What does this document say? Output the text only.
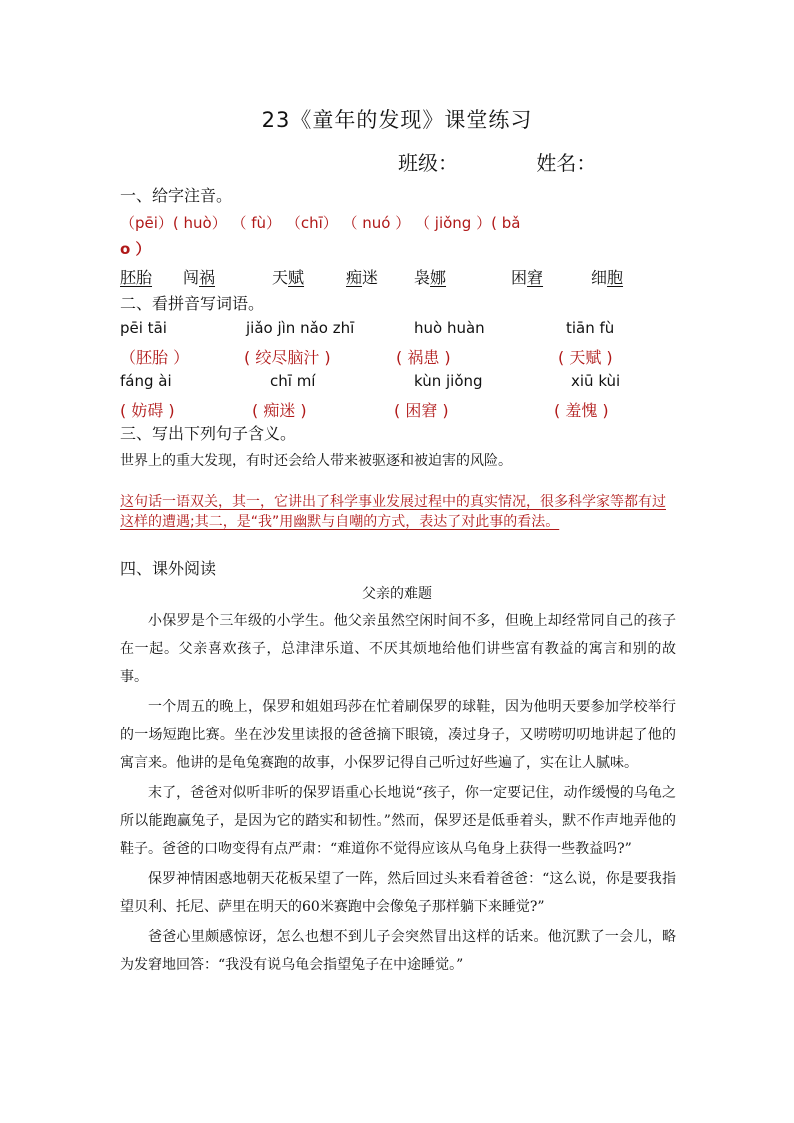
23《童年的发现》课堂练习
班级：	姓名：
一、给字注音。
（pēi）( huò） （ fù） （chī） （ nuó ） （ jiǒng ）( bǎ
o ）
胚胎 闯祸	天赋	痴迷 袅娜	困窘	细胞
二、看拼音写词语。
pēi tāi	jiǎo jìn nǎo zhī	huò huàn	tiān fù
（胚胎 ）	( 绞尽脑汁 )	( 祸患 )	( 天赋 )
fáng ài	chī mí	kùn jiǒng	xiū kùi
( 妨碍 )	( 痴迷 )	( 困窘 )	( 羞愧 )
三、写出下列句子含义。
世界上的重大发现，有时还会给人带来被驱逐和被迫害的风险。
这句话一语双关，其一，它讲出了科学事业发展过程中的真实情况，很多科学家等都有过这样的遭遇;其二，是“我”用幽默与自嘲的方式，表达了对此事的看法。
四、课外阅读
父亲的难题

小保罗是个三年级的小学生。他父亲虽然空闲时间不多，但晚上却经常同自己的孩子在一起。父亲喜欢孩子，总津津乐道、不厌其烦地给他们讲些富有教益的寓言和别的故事。

一个周五的晚上，保罗和姐姐玛莎在忙着刷保罗的球鞋，因为他明天要参加学校举行的一场短跑比赛。坐在沙发里读报的爸爸摘下眼镜，凑过身子，又唠唠叨叨地讲起了他的寓言来。他讲的是龟兔赛跑的故事，小保罗记得自己听过好些遍了，实在让人腻味。

末了，爸爸对似听非听的保罗语重心长地说“孩子，你一定要记住，动作缓慢的乌龟之所以能跑赢兔子，是因为它的踏实和韧性。”然而，保罗还是低垂着头，默不作声地弄他的鞋子。爸爸的口吻变得有点严肃：“难道你不觉得应该从乌龟身上获得一些教益吗?”

保罗神情困惑地朝天花板呆望了一阵，然后回过头来看着爸爸：“这么说，你是要我指望贝利、托尼、萨里在明天的60米赛跑中会像兔子那样躺下来睡觉?”

爸爸心里颇感惊讶，怎么也想不到儿子会突然冒出这样的话来。他沉默了一会儿，略为发窘地回答：“我没有说乌龟会指望兔子在中途睡觉。”
